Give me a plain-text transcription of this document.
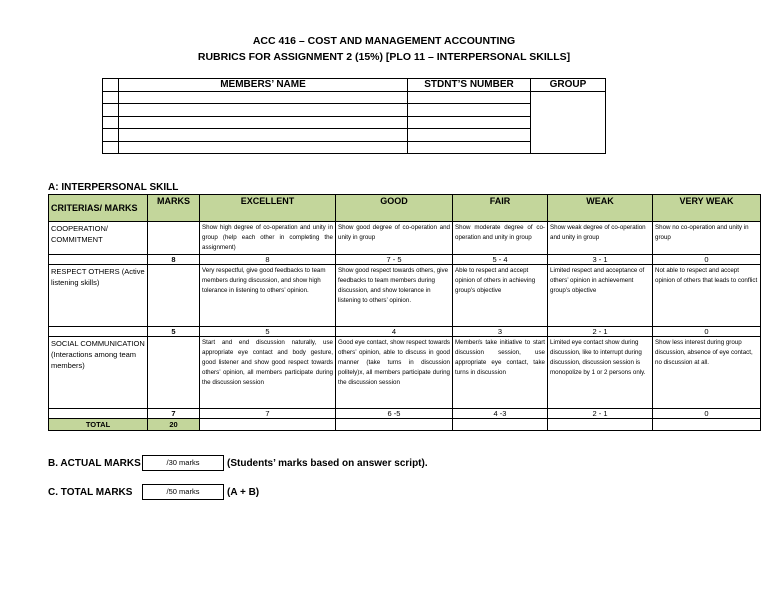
ACC 416 – COST AND MANAGEMENT ACCOUNTING
RUBRICS FOR ASSIGNMENT 2 (15%) [PLO 11 – INTERPERSONAL SKILLS]
	MEMBERS’ NAME	STDNT’S NUMBER	GROUP

A: INTERPERSONAL SKILL
CRITERIAS/ MARKS	MARKS	EXCELLENT	GOOD	FAIR	WEAK	VERY WEAK
COOPERATION/ COMMITMENT		Show high degree of co-operation and unity in group (help each other in completing the assignment)	Show good degree of co-operation and unity in group	Show moderate degree of co-operation and unity in group	Show weak degree of co-operation and unity in group	Show no co-operation and unity in group
	8	8	7 - 5	5 - 4	3 - 1	0
RESPECT OTHERS (Active listening skills)		Very respectful, give good feedbacks to team members during discussion, and show high tolerance in listening to others’ opinion.	Show good respect towards others, give feedbacks to team members during discussion, and show tolerance in listening to others’ opinion.	Able to respect and accept opinion of others in achieving group’s objective	Limited respect and acceptance of others’ opinion in achievement group’s objective	Not able to respect and accept opinion of others that leads to conflict
	5	5	4	3	2 - 1	0
SOCIAL COMMUNICATION (Interactions among team members)		Start and end discussion naturally, use appropriate eye contact and body gesture, good listener and show good respect towards others’ opinion, all members participate during the discussion session	Good eye contact, show respect towards others’ opinion, able to discuss in good manner (take turns in discussion politely)x, all members participate during the discussion session	Member/s take initiative to start discussion session, use appropriate eye contact, take turns in discussion	Limited eye contact show during discussion, like to interrupt during discussion, discussion session is monopolize by 1 or 2 persons only.	Show less interest during group discussion, absence of eye contact, no discussion at all.
	7	7	6 -5	4 -3	2 - 1	0
TOTAL	20					
B. ACTUAL MARKS	/30 marks	(Students’ marks based on answer script).
C. TOTAL MARKS	/50 marks	(A + B)
